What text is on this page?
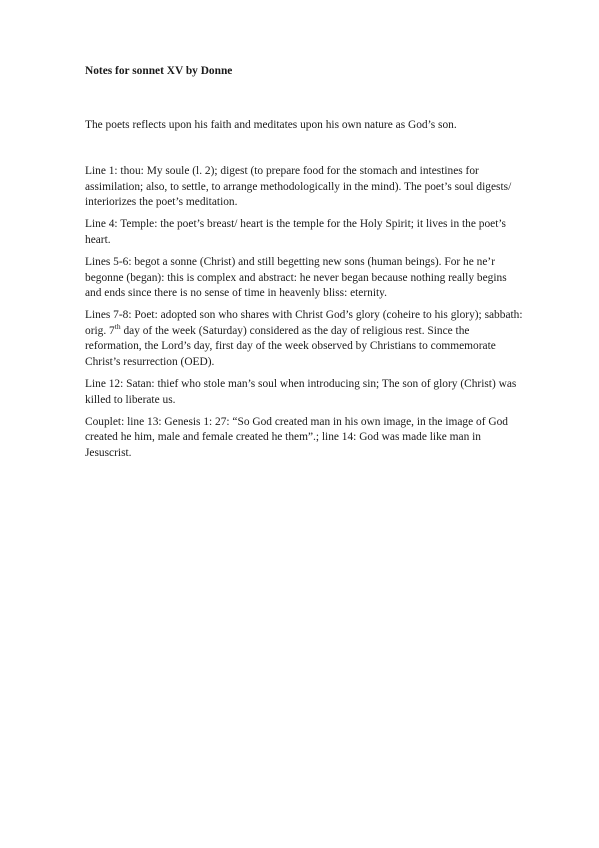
Notes for sonnet XV by Donne

The poets reflects upon his faith and meditates upon his own nature as God’s son.

Line 1: thou: My soule (l. 2); digest (to prepare food for the stomach and intestines for assimilation; also, to settle, to arrange methodologically in the mind). The poet’s soul digests/ interiorizes the poet’s meditation.

Line 4: Temple: the poet’s breast/ heart is the temple for the Holy Spirit; it lives in the poet’s heart.

Lines 5-6: begot a sonne (Christ) and still begetting new sons (human beings). For he ne’r begonne (began): this is complex and abstract: he never began because nothing really begins and ends since there is no sense of time in heavenly bliss: eternity.

Lines 7-8: Poet: adopted son who shares with Christ God’s glory (coheire to his glory); sabbath: orig. 7th day of the week (Saturday) considered as the day of religious rest. Since the reformation, the Lord’s day, first day of the week observed by Christians to commemorate Christ’s resurrection (OED).

Line 12: Satan: thief who stole man’s soul when introducing sin; The son of glory (Christ) was killed to liberate us.

Couplet: line 13: Genesis 1: 27: “So God created man in his own image, in the image of God created he him, male and female created he them”.; line 14: God was made like man in Jesuscrist.
